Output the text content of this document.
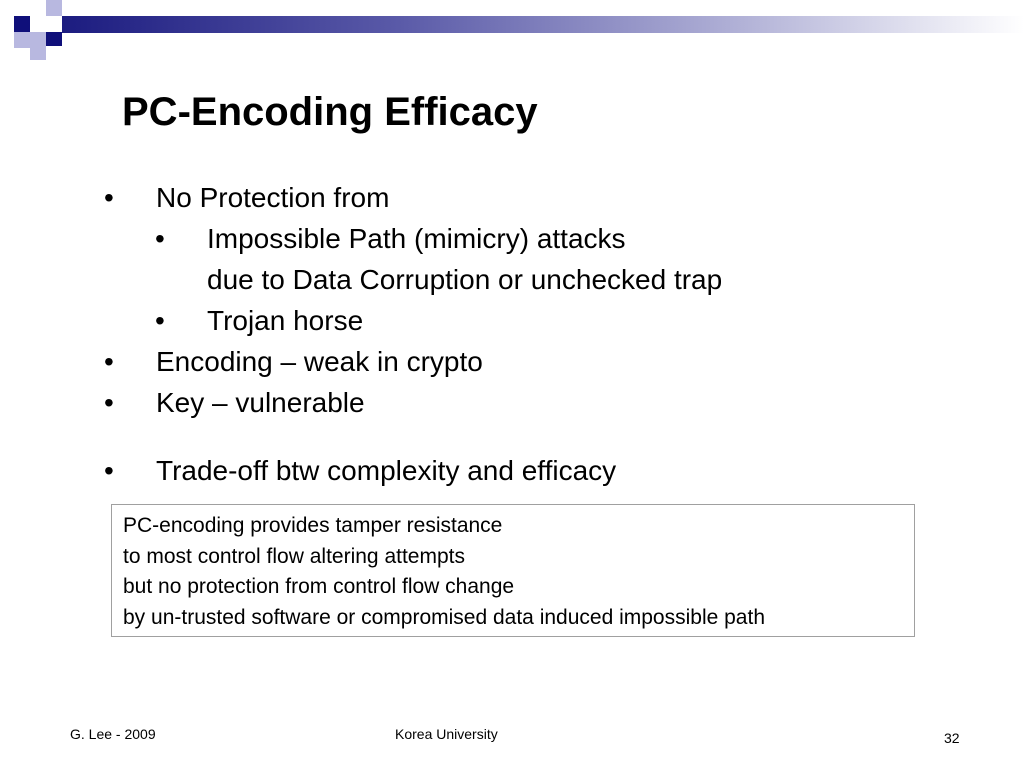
PC-Encoding Efficacy
• No Protection from
• Impossible Path (mimicry) attacks
due to Data Corruption or unchecked trap
• Trojan horse
• Encoding – weak in crypto
• Key – vulnerable
• Trade-off btw complexity and efficacy
PC-encoding provides tamper resistance
to most control flow altering attempts
but no protection from control flow change
by un-trusted software or compromised data induced impossible path
G. Lee - 2009	Korea University	32
